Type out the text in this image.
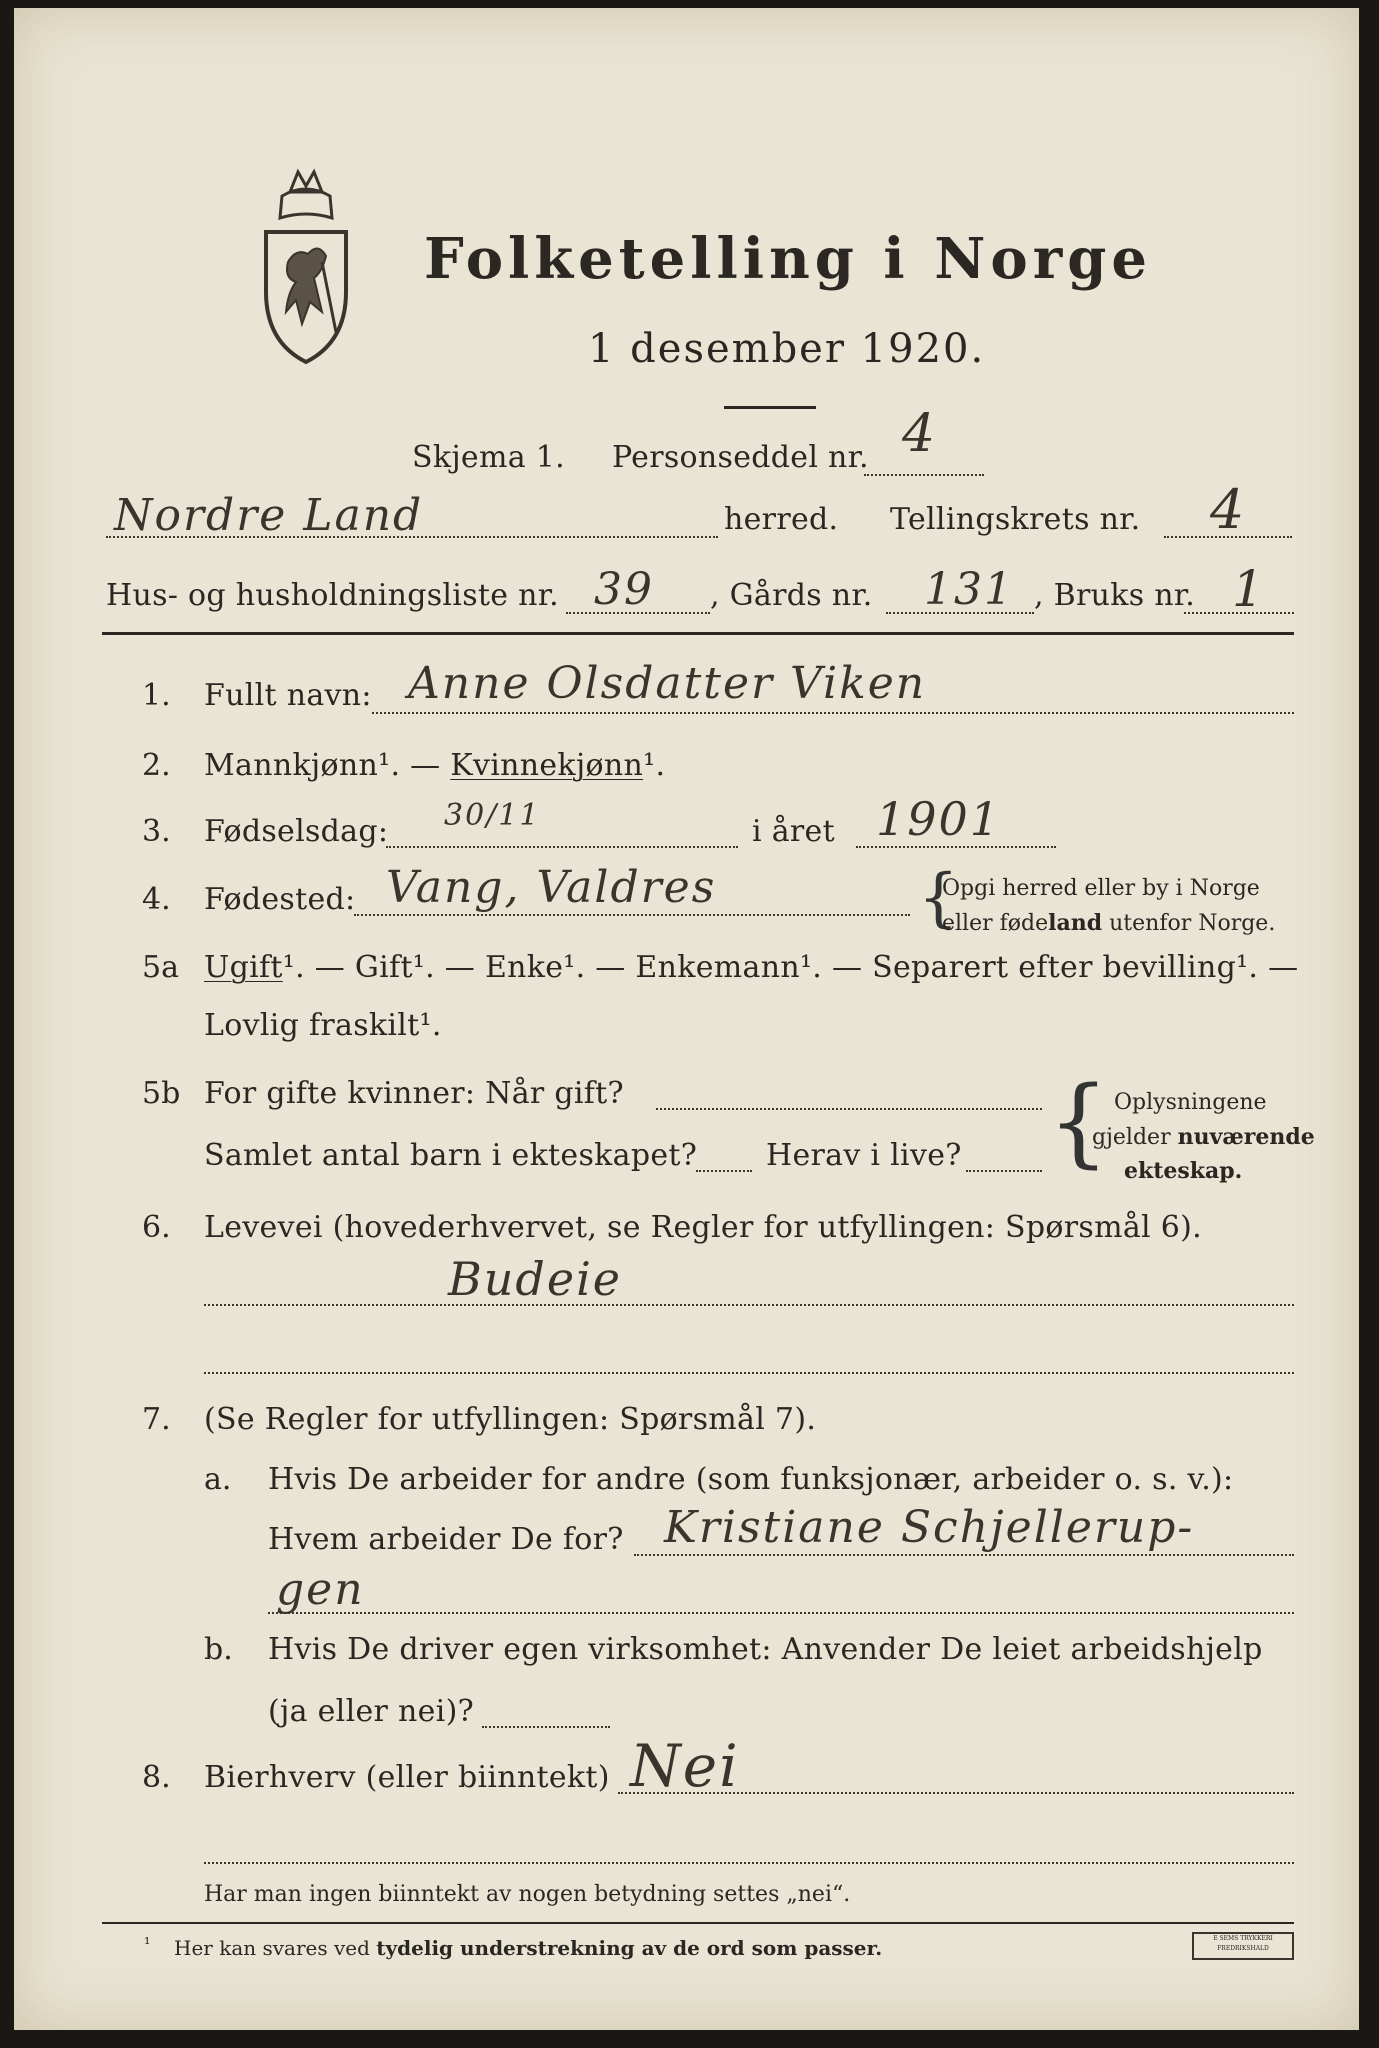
Folketelling i Norge
1 desember 1920.
Skjema 1. Personseddel nr. 4
Nordre Land	herred. Tellingskrets nr. 4
Hus- og husholdningsliste nr. 39 , Gårds nr. 131 , Bruks nr. 1
1. Fullt navn: Anne Olsdatter Viken
2. Mannkjønn¹. — Kvinnekjønn¹.
3. Fødselsdag: 30/11	i året 1901
4. Fødested: Vang, Valdres	{
Opgi herred eller by i Norge
eller fødeland utenfor Norge.
5a Ugift¹. — Gift¹. — Enke¹. — Enkemann¹. — Separert efter bevilling¹. —
Lovlig fraskilt¹.
5b For gifte kvinner: Når gift?
Samlet antal barn i ekteskapet? Herav i live? { Oplysningene
gjelder nuværende
ekteskap.
6. Levevei (hovederhvervet, se Regler for utfyllingen: Spørsmål 6).
Budeie
7. (Se Regler for utfyllingen: Spørsmål 7).
a. Hvis De arbeider for andre (som funksjonær, arbeider o. s. v.):
Hvem arbeider De for? Kristiane Schjellerup-
gen
b. Hvis De driver egen virksomhet: Anvender De leiet arbeidshjelp
(ja eller nei)?
8. Bierhverv (eller biinntekt) Nei
Har man ingen biinntekt av nogen betydning settes „nei“.
¹ Her kan svares ved tydelig understrekning av de ord som passer.	E SEMS TRYKKERI FREDRIKSHALD
